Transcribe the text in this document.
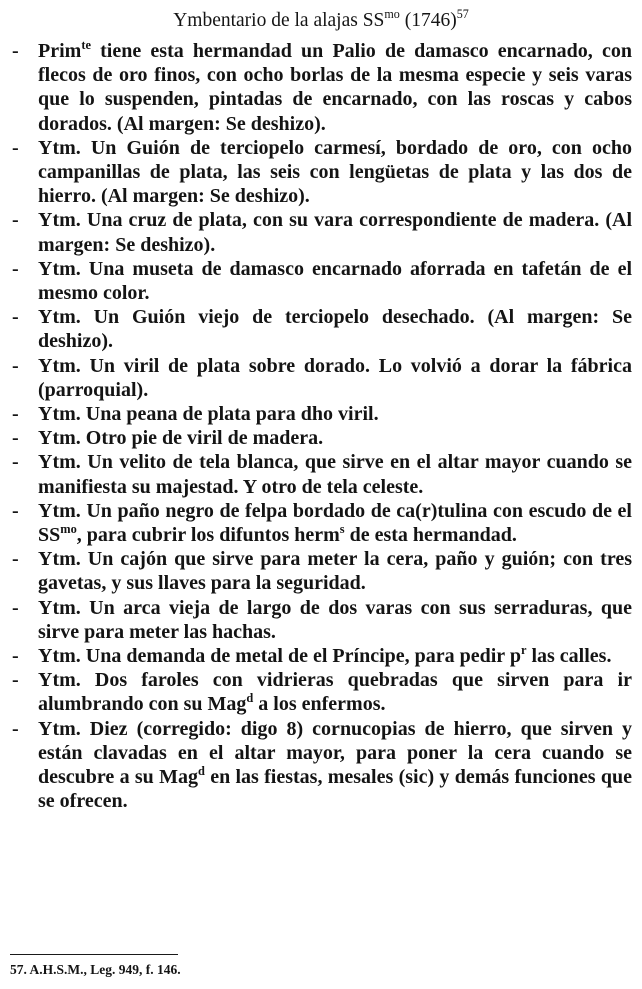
Ymbentario de la alajas $SS^{mo}$ $(1746)^{57}$
- Prim$^{te}$ tiene esta hermandad un Palio de damasco encarnado, con flecos de oro finos, con ocho borlas de la mesma especie y seis varas que lo suspenden, pintadas de encarnado, con las roscas y cabos dorados. (Al margen: Se deshizo).
- Ytm. Un Guión de terciopelo carmesí, bordado de oro, con ocho campanillas de plata, las seis con lengüetas de plata y las dos de hierro. (Al margen: Se deshizo).
- Ytm. Una cruz de plata, con su vara correspondiente de madera. (Al margen: Se deshizo).
- Ytm. Una museta de damasco encarnado aforrada en tafetán de el mesmo color.
- Ytm. Un Guión viejo de terciopelo desechado. (Al margen: Se deshizo).
- Ytm. Un viril de plata sobre dorado. Lo volvió a dorar la fábrica (parroquial).
- Ytm. Una peana de plata para dho viril.
- Ytm. Otro pie de viril de madera.
- Ytm. Un velito de tela blanca, que sirve en el altar mayor cuando se manifiesta su majestad. Y otro de tela celeste.
- Ytm. Un paño negro de felpa bordado de ca(r)tulina con escudo de el $SS^{mo}$, para cubrir los difuntos herm$^s$ de esta hermandad.
- Ytm. Un cajón que sirve para meter la cera, paño y guión; con tres gavetas, y sus llaves para la seguridad.
- Ytm. Un arca vieja de largo de dos varas con sus serraduras, que sirve para meter las hachas.
- Ytm. Una demanda de metal de el Príncipe, para pedir $p^r$ las calles.
- Ytm. Dos faroles con vidrieras quebradas que sirven para ir alumbrando con su Mag$^d$ a los enfermos.
- Ytm. Diez (corregido: digo 8) cornucopias de hierro, que sirven y están clavadas en el altar mayor, para poner la cera cuando se descubre a su Mag$^d$ en las fiestas, mesales (sic) y demás funciones que se ofrecen.
57. A.H.S.M., Leg. 949, f. 146.
